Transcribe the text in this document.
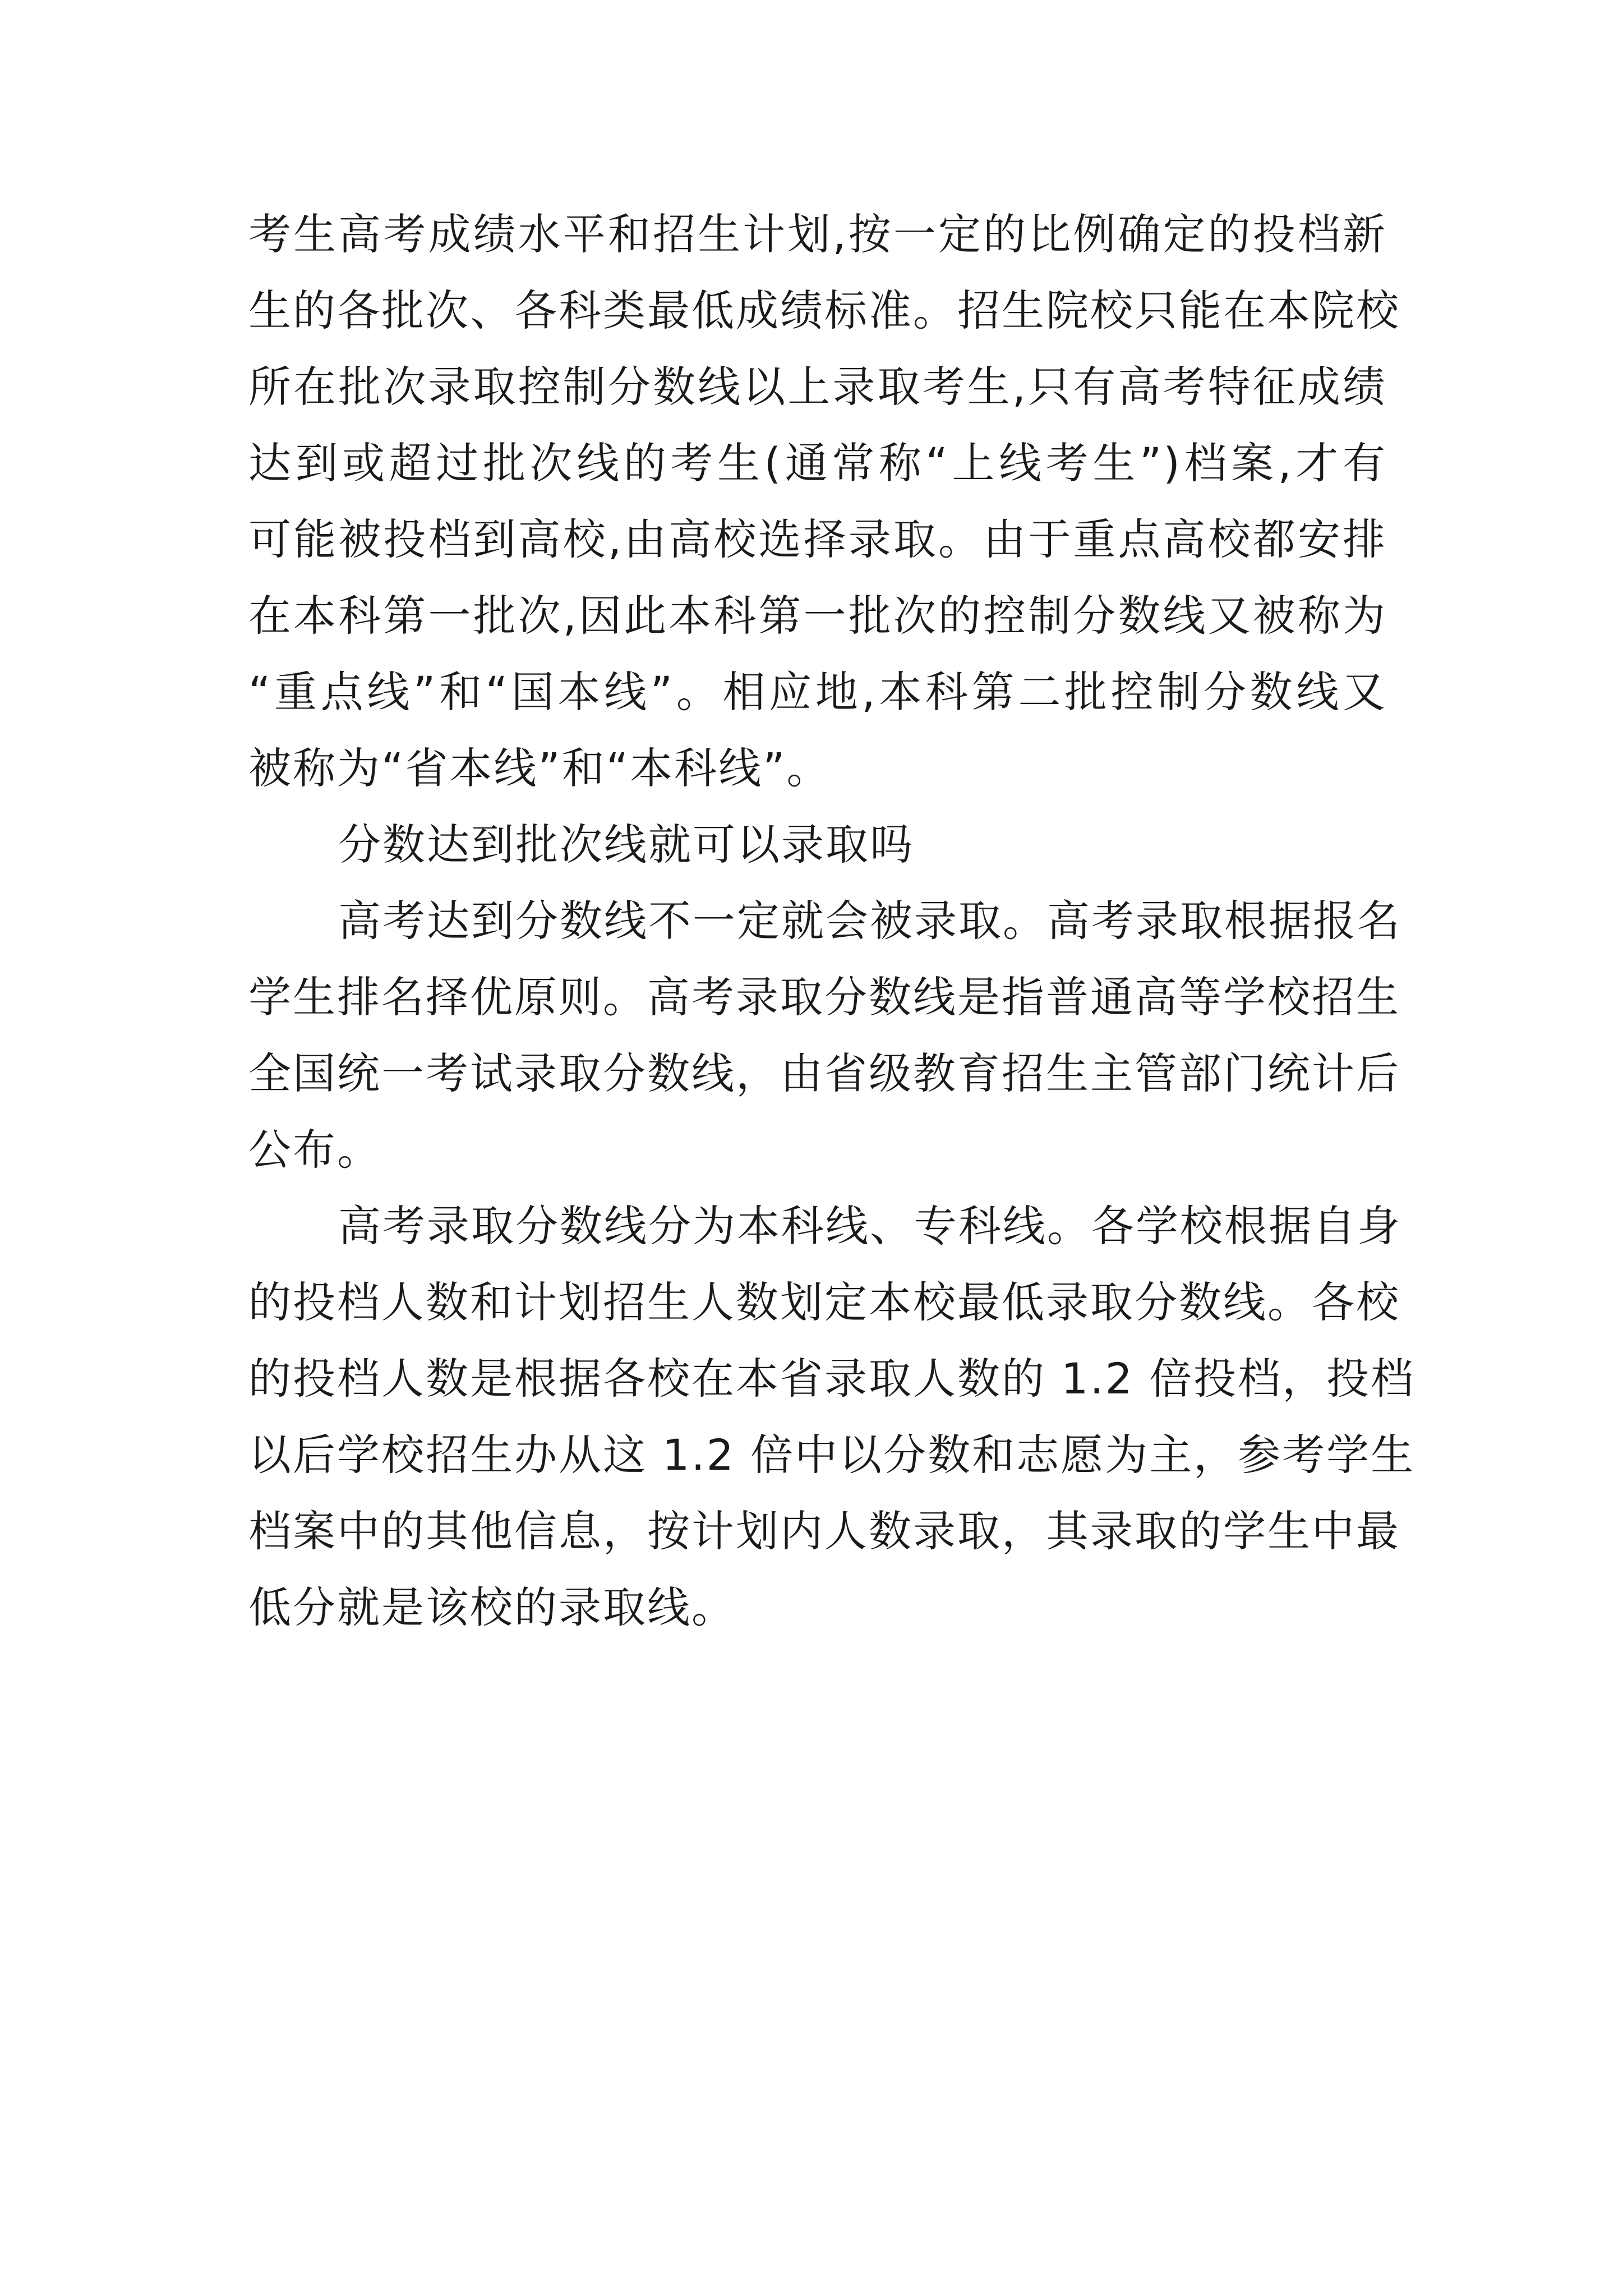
考生高考成绩水平和招生计划,按一定的比例确定的投档新
生的各批次、各科类最低成绩标准。招生院校只能在本院校
所在批次录取控制分数线以上录取考生,只有高考特征成绩
达到或超过批次线的考生(通常称“上线考生”)档案,才有
可能被投档到高校,由高校选择录取。由于重点高校都安排
在本科第一批次,因此本科第一批次的控制分数线又被称为
“重点线”和“国本线”。相应地,本科第二批控制分数线又
被称为“省本线”和“本科线”。
分数达到批次线就可以录取吗
高考达到分数线不一定就会被录取。高考录取根据报名
学生排名择优原则。高考录取分数线是指普通高等学校招生
全国统一考试录取分数线，由省级教育招生主管部门统计后
公布。
高考录取分数线分为本科线、专科线。各学校根据自身
的投档人数和计划招生人数划定本校最低录取分数线。各校
的投档人数是根据各校在本省录取人数的 1.2 倍投档，投档
以后学校招生办从这 1.2 倍中以分数和志愿为主，参考学生
档案中的其他信息，按计划内人数录取，其录取的学生中最
低分就是该校的录取线。
